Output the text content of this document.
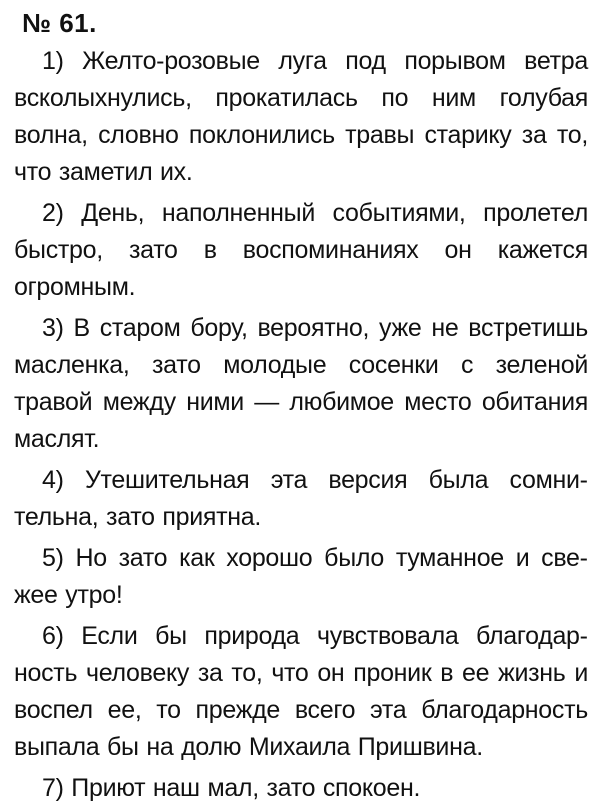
№ 61.

1) Желто-розовые луга под порывом ветра всколыхнулись, прокатилась по ним голубая волна, словно поклонились травы старику за то, что заметил их.

2) День, наполненный событиями, пролетел быстро, зато в воспоминаниях он кажется огромным.

3) В старом бору, вероятно, уже не встретишь масленка, зато молодые сосенки с зеленой травой между ними — любимое место обитания маслят.

4) Утешительная эта версия была сомнительна, зато приятна.

5) Но зато как хорошо было туманное и свежее утро!

6) Если бы природа чувствовала благодарность человеку за то, что он проник в ее жизнь и воспел ее, то прежде всего эта благодарность выпала бы на долю Михаила Пришвина.

7) Приют наш мал, зато спокоен.
